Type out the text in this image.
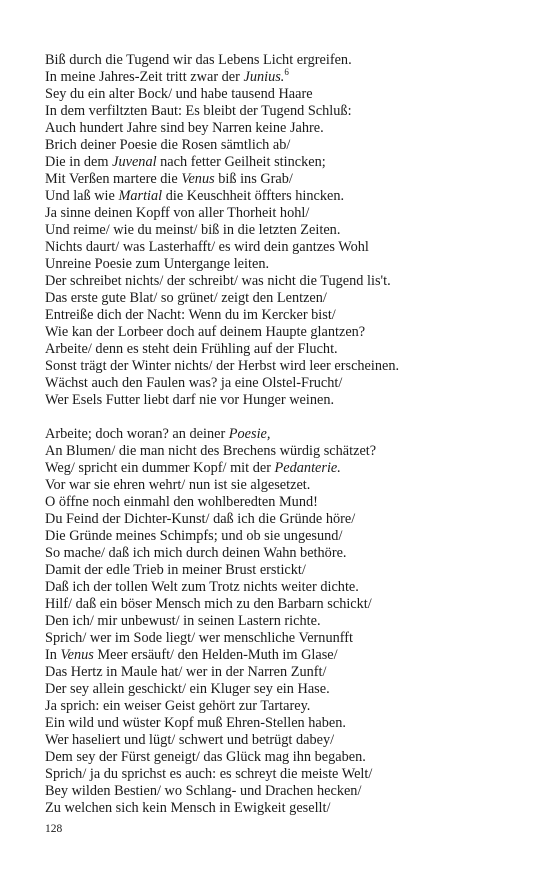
Biß durch die Tugend wir das Lebens Licht ergreifen.
In meine Jahres-Zeit tritt zwar der Junius.$^6$
Sey du ein alter Bock/ und habe tausend Haare
In dem verfiltzten Baut: Es bleibt der Tugend Schluß:
Auch hundert Jahre sind bey Narren keine Jahre.
Brich deiner Poesie die Rosen sämtlich ab/
Die in dem Juvenal nach fetter Geilheit stincken;
Mit Verßen martere die Venus biß ins Grab/
Und laß wie Martial die Keuschheit öffters hincken.
Ja sinne deinen Kopff von aller Thorheit hohl/
Und reime/ wie du meinst/ biß in die letzten Zeiten.
Nichts daurt/ was Lasterhafft/ es wird dein gantzes Wohl
Unreine Poesie zum Untergange leiten.
Der schreibet nichts/ der schreibt/ was nicht die Tugend lis't.
Das erste gute Blat/ so grünet/ zeigt den Lentzen/
Entreiße dich der Nacht: Wenn du im Kercker bist/
Wie kan der Lorbeer doch auf deinem Haupte glantzen?
Arbeite/ denn es steht dein Frühling auf der Flucht.
Sonst trägt der Winter nichts/ der Herbst wird leer erscheinen.
Wächst auch den Faulen was? ja eine Olstel-Frucht/
Wer Esels Futter liebt darf nie vor Hunger weinen.
Arbeite; doch woran? an deiner Poesie,
An Blumen/ die man nicht des Brechens würdig schätzet?
Weg/ spricht ein dummer Kopf/ mit der Pedanterie.
Vor war sie ehren wehrt/ nun ist sie algesetzet.
O öffne noch einmahl den wohlberedten Mund!
Du Feind der Dichter-Kunst/ daß ich die Gründe höre/
Die Gründe meines Schimpfs; und ob sie ungesund/
So mache/ daß ich mich durch deinen Wahn bethöre.
Damit der edle Trieb in meiner Brust erstickt/
Daß ich der tollen Welt zum Trotz nichts weiter dichte.
Hilf/ daß ein böser Mensch mich zu den Barbarn schickt/
Den ich/ mir unbewust/ in seinen Lastern richte.
Sprich/ wer im Sode liegt/ wer menschliche Vernunfft
In Venus Meer ersäuft/ den Helden-Muth im Glase/
Das Hertz in Maule hat/ wer in der Narren Zunft/
Der sey allein geschickt/ ein Kluger sey ein Hase.
Ja sprich: ein weiser Geist gehört zur Tartarey.
Ein wild und wüster Kopf muß Ehren-Stellen haben.
Wer haseliert und lügt/ schwert und betrügt dabey/
Dem sey der Fürst geneigt/ das Glück mag ihn begaben.
Sprich/ ja du sprichst es auch: es schreyt die meiste Welt/
Bey wilden Bestien/ wo Schlang- und Drachen hecken/
Zu welchen sich kein Mensch in Ewigkeit gesellt/
128
